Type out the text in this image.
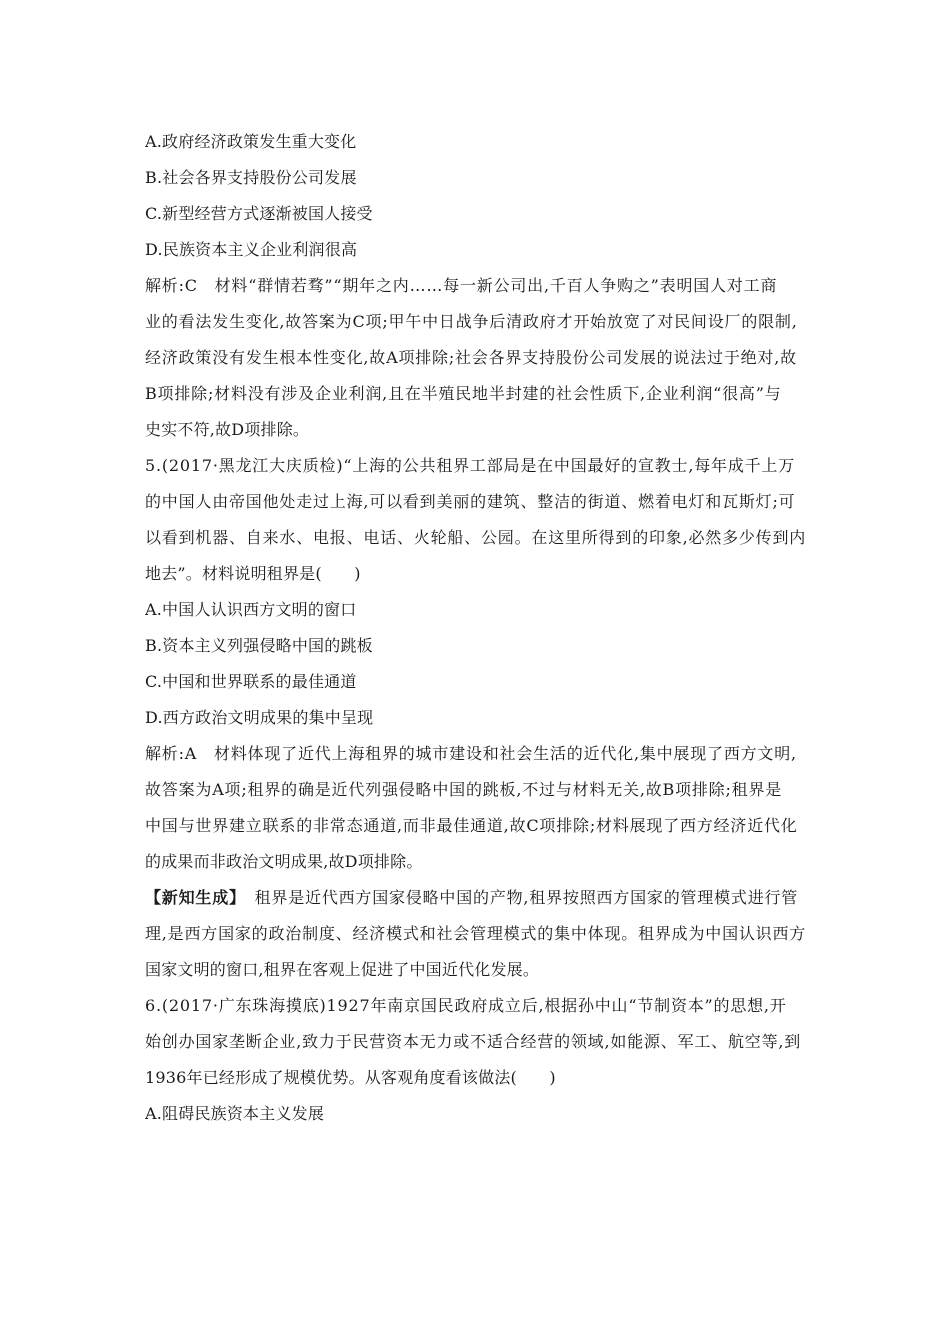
A.政府经济政策发生重大变化
B.社会各界支持股份公司发展
C.新型经营方式逐渐被国人接受
D.民族资本主义企业利润很高
解析:C　材料“群情若骛”“期年之内……每一新公司出,千百人争购之”表明国人对工商
业的看法发生变化,故答案为C项;甲午中日战争后清政府才开始放宽了对民间设厂的限制,
经济政策没有发生根本性变化,故A项排除;社会各界支持股份公司发展的说法过于绝对,故
B项排除;材料没有涉及企业利润,且在半殖民地半封建的社会性质下,企业利润“很高”与
史实不符,故D项排除。
5.(2017·黑龙江大庆质检)“上海的公共租界工部局是在中国最好的宣教士,每年成千上万
的中国人由帝国他处走过上海,可以看到美丽的建筑、整洁的街道、燃着电灯和瓦斯灯;可
以看到机器、自来水、电报、电话、火轮船、公园。在这里所得到的印象,必然多少传到内
地去”。材料说明租界是(　　)
A.中国人认识西方文明的窗口
B.资本主义列强侵略中国的跳板
C.中国和世界联系的最佳通道
D.西方政治文明成果的集中呈现
解析:A　材料体现了近代上海租界的城市建设和社会生活的近代化,集中展现了西方文明,
故答案为A项;租界的确是近代列强侵略中国的跳板,不过与材料无关,故B项排除;租界是
中国与世界建立联系的非常态通道,而非最佳通道,故C项排除;材料展现了西方经济近代化
的成果而非政治文明成果,故D项排除。
【新知生成】　租界是近代西方国家侵略中国的产物,租界按照西方国家的管理模式进行管
理,是西方国家的政治制度、经济模式和社会管理模式的集中体现。租界成为中国认识西方
国家文明的窗口,租界在客观上促进了中国近代化发展。
6.(2017·广东珠海摸底)1927年南京国民政府成立后,根据孙中山“节制资本”的思想,开
始创办国家垄断企业,致力于民营资本无力或不适合经营的领域,如能源、军工、航空等,到
1936年已经形成了规模优势。从客观角度看该做法(　　)
A.阻碍民族资本主义发展
